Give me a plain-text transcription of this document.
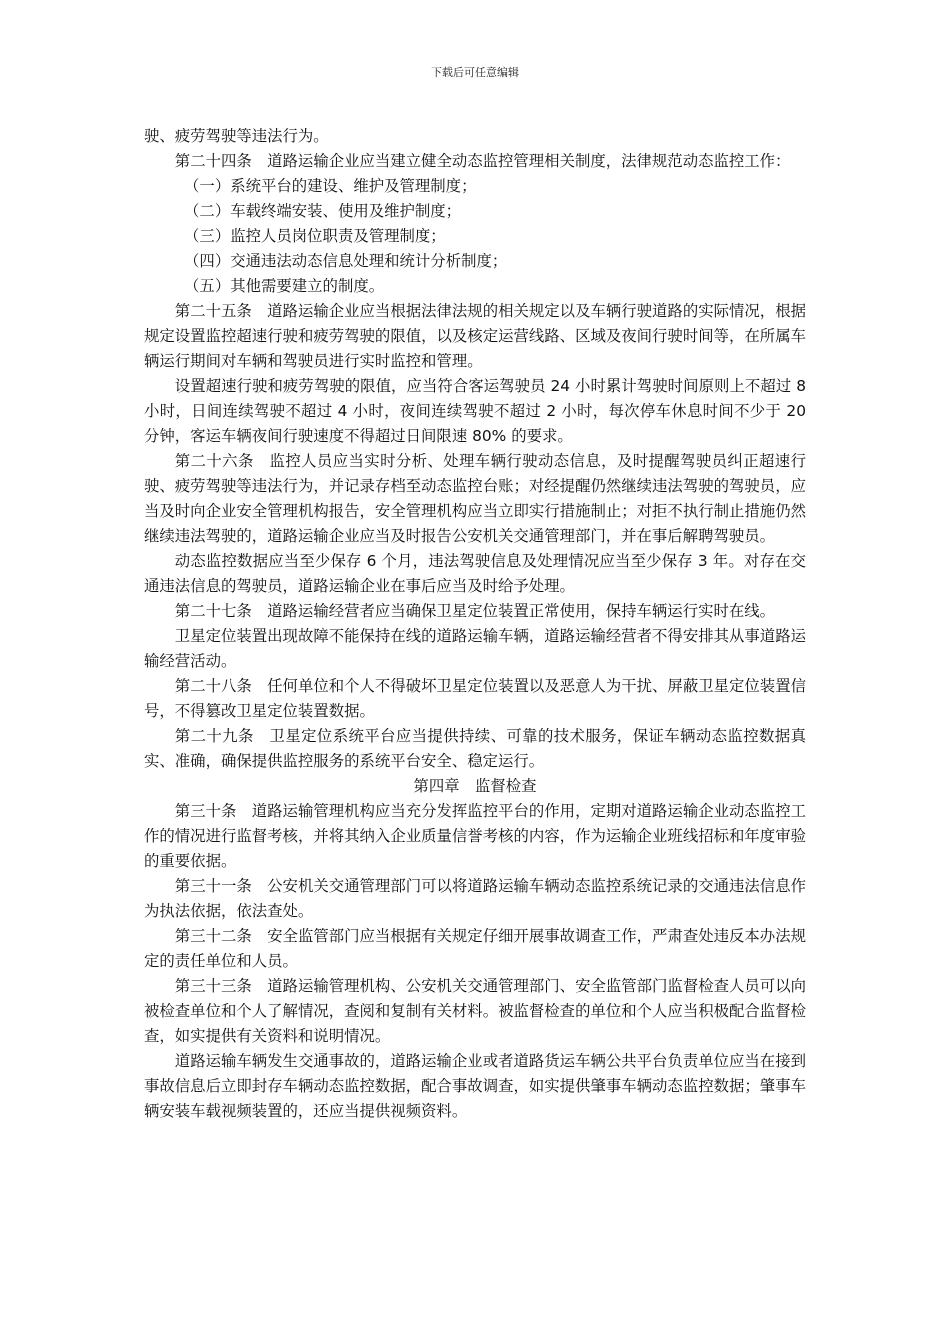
下载后可任意编辑

驶、疲劳驾驶等违法行为。

第二十四条　道路运输企业应当建立健全动态监控管理相关制度，法律规范动态监控工作：

（一）系统平台的建设、维护及管理制度；

（二）车载终端安装、使用及维护制度；

（三）监控人员岗位职责及管理制度；

（四）交通违法动态信息处理和统计分析制度；

（五）其他需要建立的制度。

第二十五条　道路运输企业应当根据法律法规的相关规定以及车辆行驶道路的实际情况，根据规定设置监控超速行驶和疲劳驾驶的限值，以及核定运营线路、区域及夜间行驶时间等，在所属车辆运行期间对车辆和驾驶员进行实时监控和管理。

设置超速行驶和疲劳驾驶的限值，应当符合客运驾驶员 24 小时累计驾驶时间原则上不超过 8 小时，日间连续驾驶不超过 4 小时，夜间连续驾驶不超过 2 小时，每次停车休息时间不少于 20 分钟，客运车辆夜间行驶速度不得超过日间限速 80% 的要求。

第二十六条　监控人员应当实时分析、处理车辆行驶动态信息，及时提醒驾驶员纠正超速行驶、疲劳驾驶等违法行为，并记录存档至动态监控台账；对经提醒仍然继续违法驾驶的驾驶员，应当及时向企业安全管理机构报告，安全管理机构应当立即实行措施制止；对拒不执行制止措施仍然继续违法驾驶的，道路运输企业应当及时报告公安机关交通管理部门，并在事后解聘驾驶员。

动态监控数据应当至少保存 6 个月，违法驾驶信息及处理情况应当至少保存 3 年。对存在交通违法信息的驾驶员，道路运输企业在事后应当及时给予处理。

第二十七条　道路运输经营者应当确保卫星定位装置正常使用，保持车辆运行实时在线。

卫星定位装置出现故障不能保持在线的道路运输车辆，道路运输经营者不得安排其从事道路运输经营活动。

第二十八条　任何单位和个人不得破坏卫星定位装置以及恶意人为干扰、屏蔽卫星定位装置信号，不得篡改卫星定位装置数据。

第二十九条　卫星定位系统平台应当提供持续、可靠的技术服务，保证车辆动态监控数据真实、准确，确保提供监控服务的系统平台安全、稳定运行。

第四章　监督检查

第三十条　道路运输管理机构应当充分发挥监控平台的作用，定期对道路运输企业动态监控工作的情况进行监督考核，并将其纳入企业质量信誉考核的内容，作为运输企业班线招标和年度审验的重要依据。

第三十一条　公安机关交通管理部门可以将道路运输车辆动态监控系统记录的交通违法信息作为执法依据，依法查处。

第三十二条　安全监管部门应当根据有关规定仔细开展事故调查工作，严肃查处违反本办法规定的责任单位和人员。

第三十三条　道路运输管理机构、公安机关交通管理部门、安全监管部门监督检查人员可以向被检查单位和个人了解情况，查阅和复制有关材料。被监督检查的单位和个人应当积极配合监督检查，如实提供有关资料和说明情况。

道路运输车辆发生交通事故的，道路运输企业或者道路货运车辆公共平台负责单位应当在接到事故信息后立即封存车辆动态监控数据，配合事故调查，如实提供肇事车辆动态监控数据；肇事车辆安装车载视频装置的，还应当提供视频资料。
